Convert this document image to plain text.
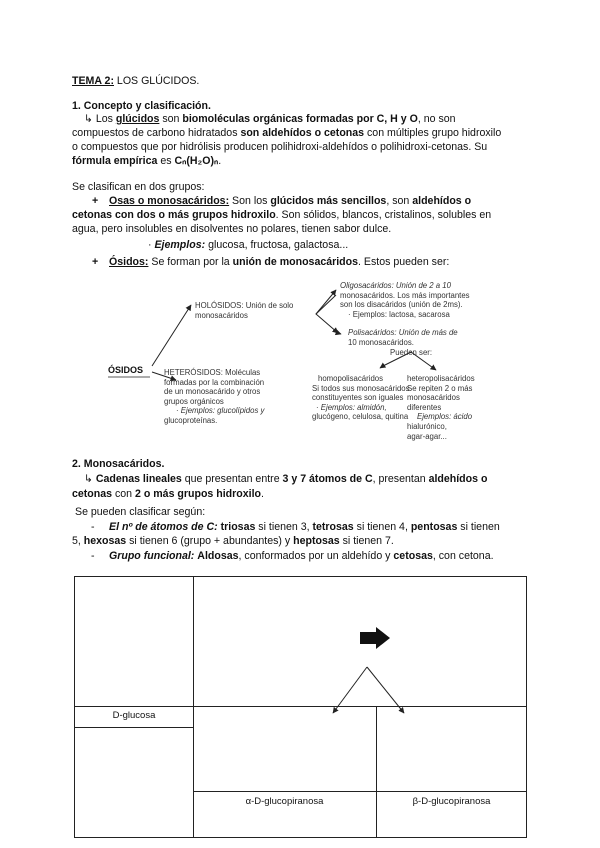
TEMA 2: LOS GLÚCIDOS.
1. Concepto y clasificación.
↳ Los glúcidos son biomoléculas orgánicas formadas por C, H y O, no son
compuestos de carbono hidratados son aldehídos o cetonas con múltiples grupo hidroxilo
o compuestos que por hidrólisis producen polihidroxi-aldehídos o polihidroxi-cetonas. Su
fórmula empírica es Cₙ(H₂O)ₙ.
Se clasifican en dos grupos:
+ Osas o monosacáridos: Son los glúcidos más sencillos, son aldehídos o
cetonas con dos o más grupos hidroxilo. Son sólidos, blancos, cristalinos, solubles en
agua, pero insolubles en disolventes no polares, tienen sabor dulce.
· Ejemplos: glucosa, fructosa, galactosa...
+ Ósidos: Se forman por la unión de monosacáridos. Estos pueden ser:
ÓSIDOS
HOLÓSIDOS: Unión de solo
monosacáridos
HETERÓSIDOS: Moléculas
formadas por la combinación
de un monosacárido y otros
grupos orgánicos
· Ejemplos: glucolípidos y
glucoproteínas.
Oligosacáridos: Unión de 2 a 10
monosacáridos. Los más importantes
son los disacáridos (unión de 2ms).
· Ejemplos: lactosa, sacarosa
Polisacáridos: Unión de más de
10 monosacáridos.
Pueden ser:
homopolisacáridos
Si todos sus monosacáridos
constituyentes son iguales
· Ejemplos: almidón,
glucógeno, celulosa, quitina
heteropolisacáridos
Se repiten 2 o más
monosacáridos
diferentes
Ejemplos: ácido
hialurónico,
agar-agar...
2. Monosacáridos.
↳ Cadenas lineales que presentan entre 3 y 7 átomos de C, presentan aldehídos o
cetonas con 2 o más grupos hidroxilo.
Se pueden clasificar según:
- El nº de átomos de C: triosas si tienen 3, tetrosas si tienen 4, pentosas si tienen
5, hexosas si tienen 6 (grupo + abundantes) y heptosas si tienen 7.
- Grupo funcional: Aldosas, conformados por un aldehído y cetosas, con cetona.
D-glucosa
α-D-glucopiranosa	β-D-glucopiranosa
